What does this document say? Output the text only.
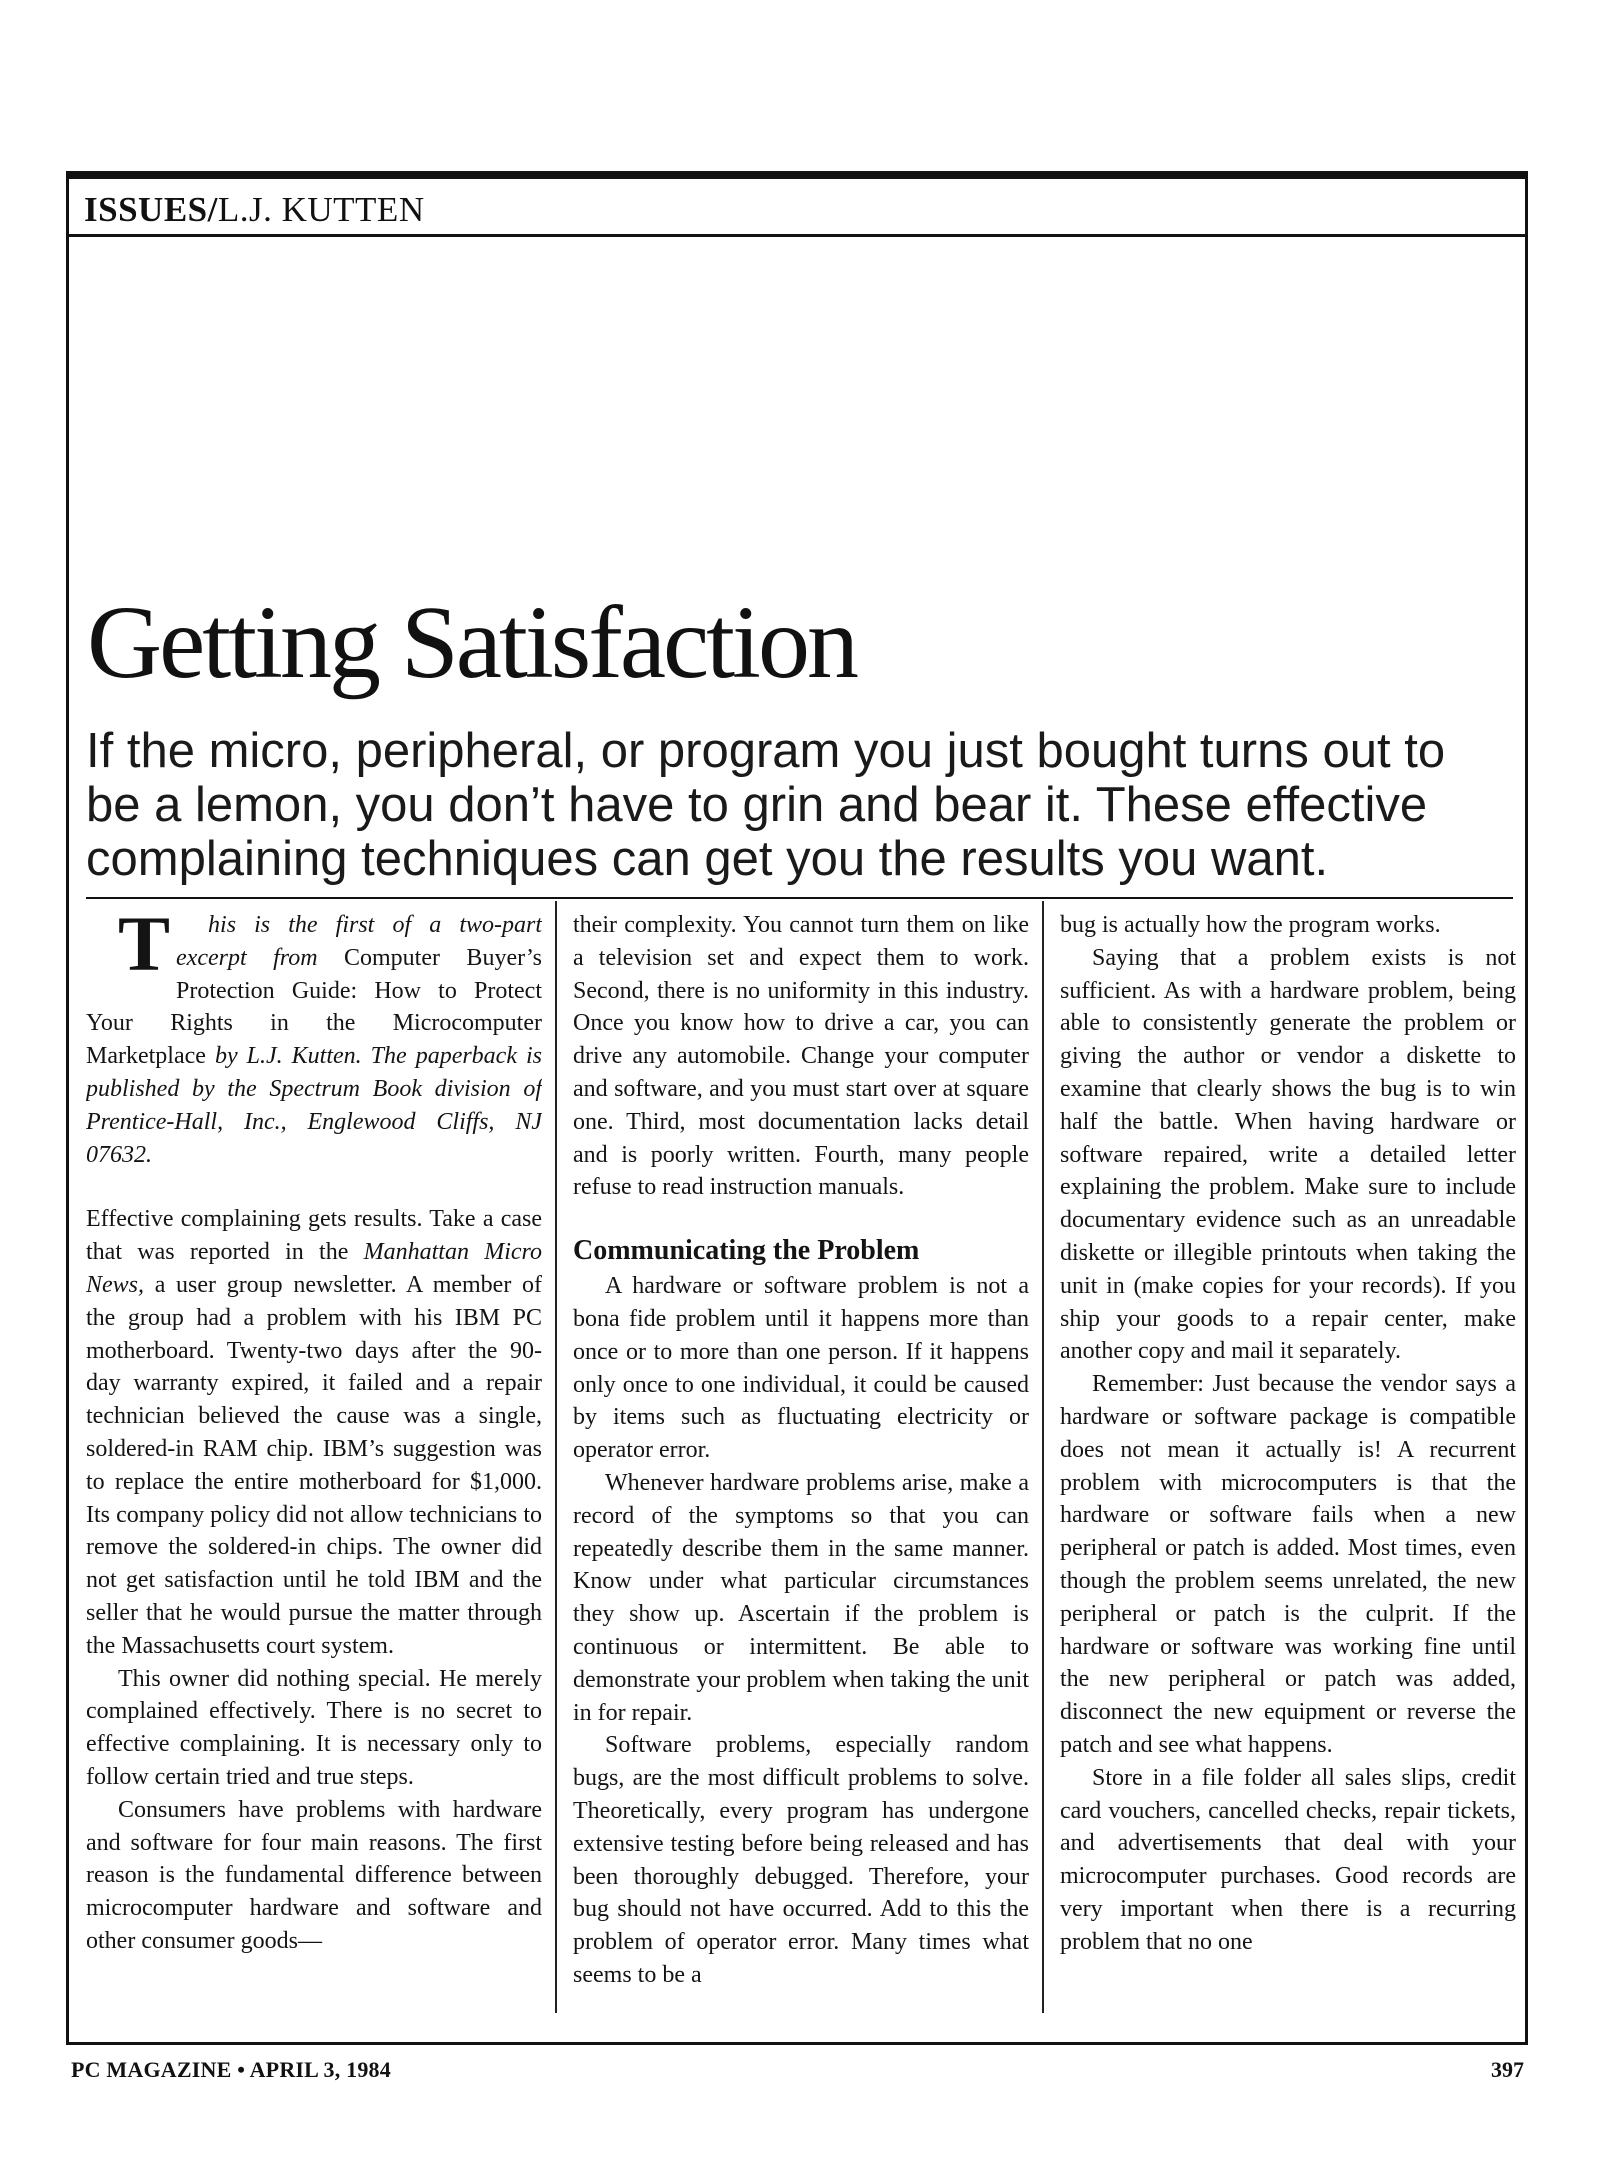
ISSUES/L.J. KUTTEN
Getting Satisfaction
If the micro, peripheral, or program you just bought turns out to
be a lemon, you don’t have to grin and bear it. These effective
complaining techniques can get you the results you want.

T his is the first of a two-part excerpt from Computer Buyer’s Protection Guide: How to Protect Your Rights in the Microcomputer Marketplace by L.J. Kutten. The paperback is published by the Spectrum Book division of Prentice-Hall, Inc., Englewood Cliffs, NJ 07632.

Effective complaining gets results. Take a case that was reported in the Manhattan Micro News, a user group newsletter. A member of the group had a problem with his IBM PC motherboard. Twenty-two days after the 90-day warranty expired, it failed and a repair technician believed the cause was a single, soldered-in RAM chip. IBM’s suggestion was to replace the entire motherboard for $1,000. Its company policy did not allow technicians to remove the soldered-in chips. The owner did not get satisfaction until he told IBM and the seller that he would pursue the matter through the Massachusetts court system.

This owner did nothing special. He merely complained effectively. There is no secret to effective complaining. It is necessary only to follow certain tried and true steps.

Consumers have problems with hardware and software for four main reasons. The first reason is the fundamental difference between microcomputer hardware and software and other consumer goods—

their complexity. You cannot turn them on like a television set and expect them to work. Second, there is no uniformity in this industry. Once you know how to drive a car, you can drive any automobile. Change your computer and software, and you must start over at square one. Third, most documentation lacks detail and is poorly written. Fourth, many people refuse to read instruction manuals.

Communicating the Problem

A hardware or software problem is not a bona fide problem until it happens more than once or to more than one person. If it happens only once to one individual, it could be caused by items such as fluctuating electricity or operator error.

Whenever hardware problems arise, make a record of the symptoms so that you can repeatedly describe them in the same manner. Know under what particular circumstances they show up. Ascertain if the problem is continuous or intermittent. Be able to demonstrate your problem when taking the unit in for repair.

Software problems, especially random bugs, are the most difficult problems to solve. Theoretically, every program has undergone extensive testing before being released and has been thoroughly debugged. Therefore, your bug should not have occurred. Add to this the problem of operator error. Many times what seems to be a

bug is actually how the program works.

Saying that a problem exists is not sufficient. As with a hardware problem, being able to consistently generate the problem or giving the author or vendor a diskette to examine that clearly shows the bug is to win half the battle. When having hardware or software repaired, write a detailed letter explaining the problem. Make sure to include documentary evidence such as an unreadable diskette or illegible printouts when taking the unit in (make copies for your records). If you ship your goods to a repair center, make another copy and mail it separately.

Remember: Just because the vendor says a hardware or software package is compatible does not mean it actually is! A recurrent problem with microcomputers is that the hardware or software fails when a new peripheral or patch is added. Most times, even though the problem seems unrelated, the new peripheral or patch is the culprit. If the hardware or software was working fine until the new peripheral or patch was added, disconnect the new equipment or reverse the patch and see what happens.

Store in a file folder all sales slips, credit card vouchers, cancelled checks, repair tickets, and advertisements that deal with your microcomputer purchases. Good records are very important when there is a recurring problem that no one

PC MAGAZINE • APRIL 3, 1984	397
